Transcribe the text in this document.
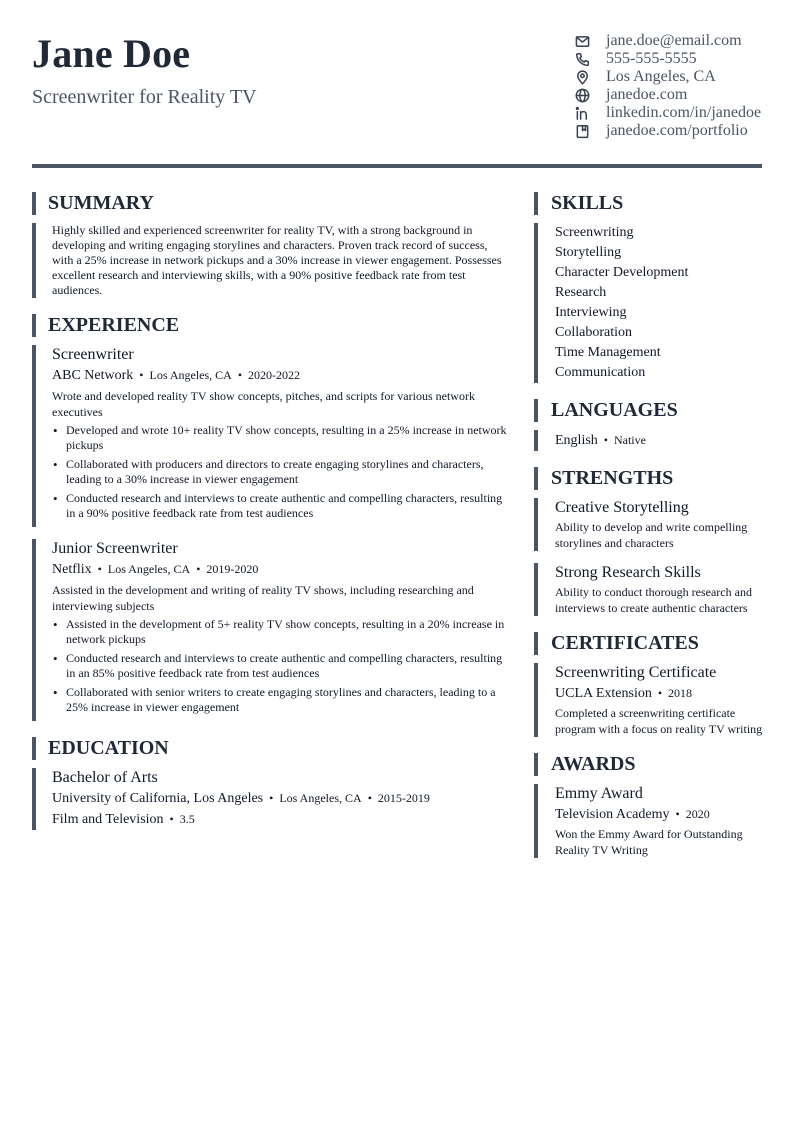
Jane Doe
Screenwriter for Reality TV
jane.doe@email.com
555-555-5555
Los Angeles, CA
janedoe.com
linkedin.com/in/janedoe
janedoe.com/portfolio
SUMMARY
Highly skilled and experienced screenwriter for reality TV, with a strong background in developing and writing engaging storylines and characters. Proven track record of success, with a 25% increase in network pickups and a 30% increase in viewer engagement. Possesses excellent research and interviewing skills, with a 90% positive feedback rate from test audiences.
EXPERIENCE
Screenwriter
ABC Network • Los Angeles, CA • 2020-2022
Wrote and developed reality TV show concepts, pitches, and scripts for various network executives
• Developed and wrote 10+ reality TV show concepts, resulting in a 25% increase in network pickups
• Collaborated with producers and directors to create engaging storylines and characters, leading to a 30% increase in viewer engagement
• Conducted research and interviews to create authentic and compelling characters, resulting in a 90% positive feedback rate from test audiences
Junior Screenwriter
Netflix • Los Angeles, CA • 2019-2020
Assisted in the development and writing of reality TV shows, including researching and interviewing subjects
• Assisted in the development of 5+ reality TV show concepts, resulting in a 20% increase in network pickups
• Conducted research and interviews to create authentic and compelling characters, resulting in an 85% positive feedback rate from test audiences
• Collaborated with senior writers to create engaging storylines and characters, leading to a 25% increase in viewer engagement
EDUCATION
Bachelor of Arts
University of California, Los Angeles • Los Angeles, CA • 2015-2019
Film and Television • 3.5
SKILLS
Screenwriting
Storytelling
Character Development
Research
Interviewing
Collaboration
Time Management
Communication
LANGUAGES
English • Native
STRENGTHS
Creative Storytelling
Ability to develop and write compelling storylines and characters
Strong Research Skills
Ability to conduct thorough research and interviews to create authentic characters
CERTIFICATES
Screenwriting Certificate
UCLA Extension • 2018
Completed a screenwriting certificate program with a focus on reality TV writing
AWARDS
Emmy Award
Television Academy • 2020
Won the Emmy Award for Outstanding Reality TV Writing
